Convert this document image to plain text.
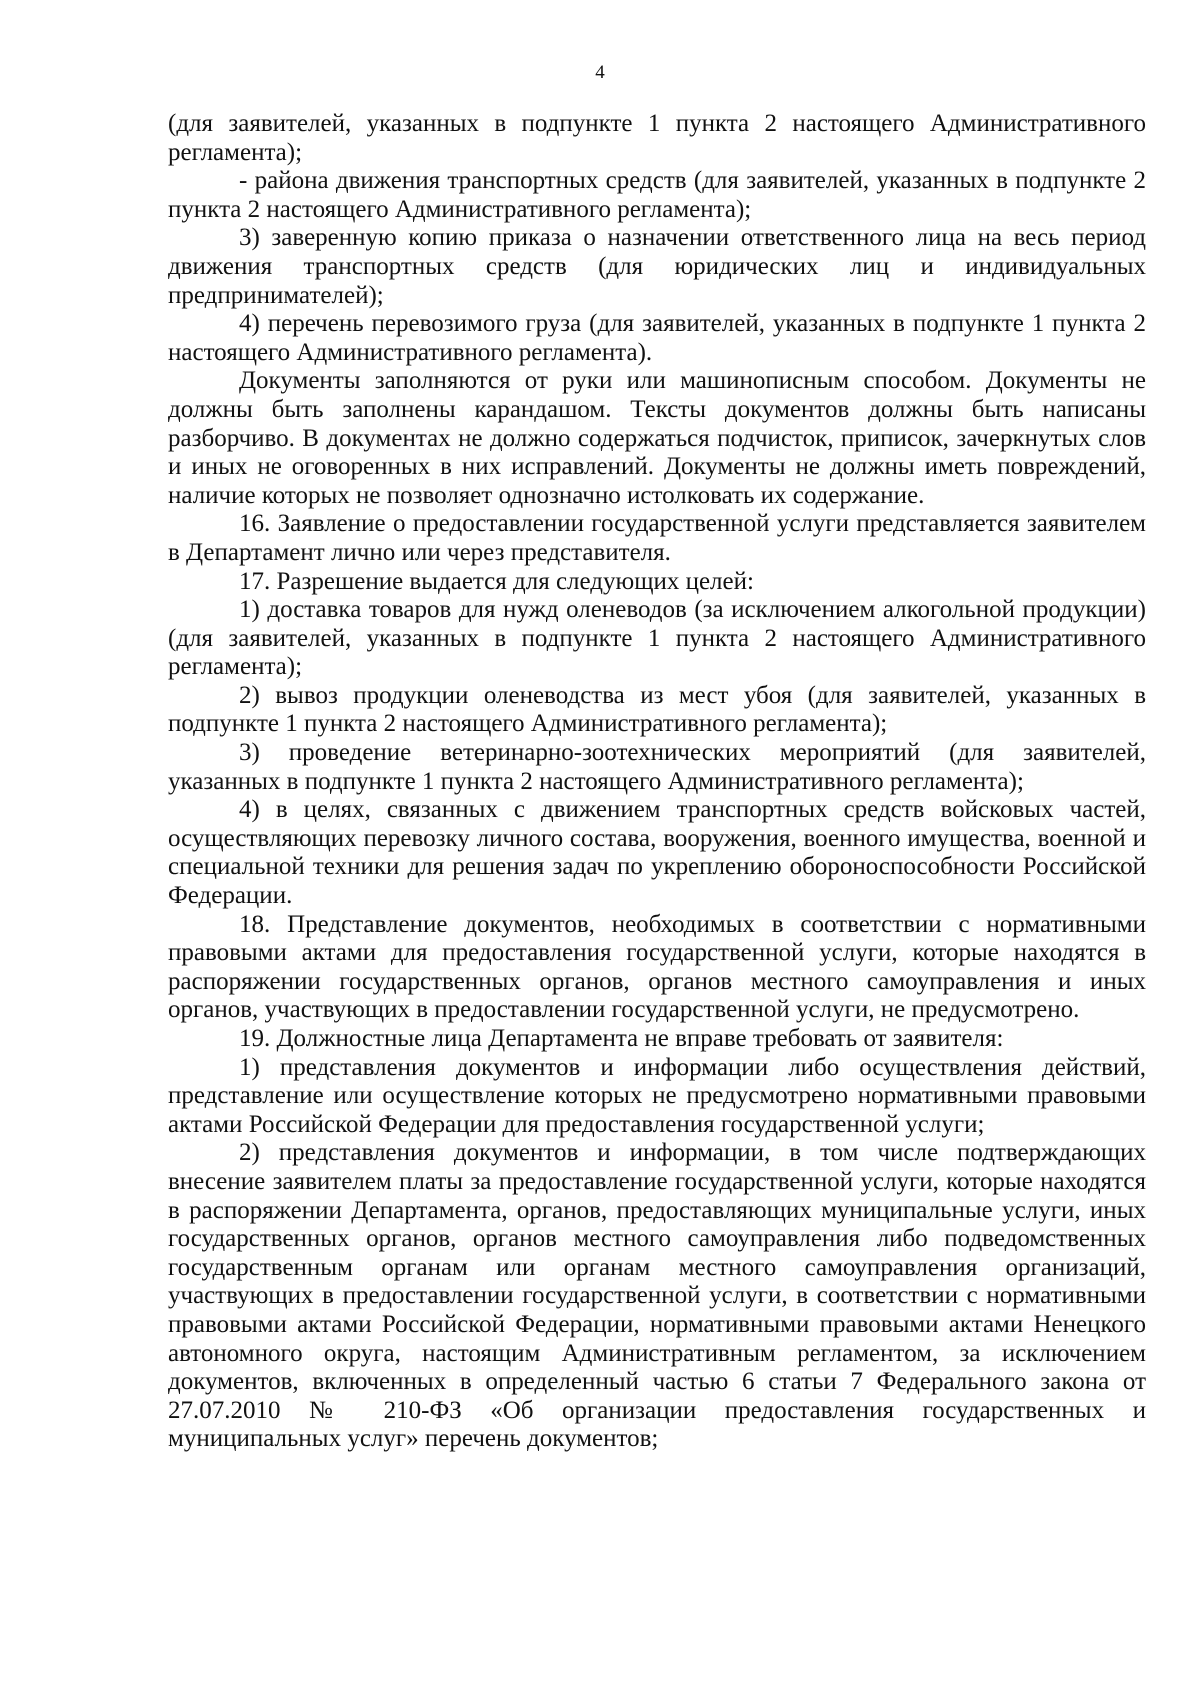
4

(для заявителей, указанных в подпункте 1 пункта 2 настоящего Административного регламента);

- района движения транспортных средств (для заявителей, указанных в подпункте 2 пункта 2 настоящего Административного регламента);

3) заверенную копию приказа о назначении ответственного лица на весь период движения транспортных средств (для юридических лиц и индивидуальных предпринимателей);

4) перечень перевозимого груза (для заявителей, указанных в подпункте 1 пункта 2 настоящего Административного регламента).

Документы заполняются от руки или машинописным способом. Документы не должны быть заполнены карандашом. Тексты документов должны быть написаны разборчиво. В документах не должно содержаться подчисток, приписок, зачеркнутых слов и иных не оговоренных в них исправлений. Документы не должны иметь повреждений, наличие которых не позволяет однозначно истолковать их содержание.

16. Заявление о предоставлении государственной услуги представляется заявителем в Департамент лично или через представителя.

17. Разрешение выдается для следующих целей:

1) доставка товаров для нужд оленеводов (за исключением алкогольной продукции) (для заявителей, указанных в подпункте 1 пункта 2 настоящего Административного регламента);

2) вывоз продукции оленеводства из мест убоя (для заявителей, указанных в подпункте 1 пункта 2 настоящего Административного регламента);

3) проведение ветеринарно-зоотехнических мероприятий (для заявителей, указанных в подпункте 1 пункта 2 настоящего Административного регламента);

4) в целях, связанных с движением транспортных средств войсковых частей, осуществляющих перевозку личного состава, вооружения, военного имущества, военной и специальной техники для решения задач по укреплению обороноспособности Российской Федерации.

18. Представление документов, необходимых в соответствии с нормативными правовыми актами для предоставления государственной услуги, которые находятся в распоряжении государственных органов, органов местного самоуправления и иных органов, участвующих в предоставлении государственной услуги, не предусмотрено.

19. Должностные лица Департамента не вправе требовать от заявителя:

1) представления документов и информации либо осуществления действий, представление или осуществление которых не предусмотрено нормативными правовыми актами Российской Федерации для предоставления государственной услуги;

2) представления документов и информации, в том числе подтверждающих внесение заявителем платы за предоставление государственной услуги, которые находятся в распоряжении Департамента, органов, предоставляющих муниципальные услуги, иных государственных органов, органов местного самоуправления либо подведомственных государственным органам или органам местного самоуправления организаций, участвующих в предоставлении государственной услуги, в соответствии с нормативными правовыми актами Российской Федерации, нормативными правовыми актами Ненецкого автономного округа, настоящим Административным регламентом, за исключением документов, включенных в определенный частью 6 статьи 7 Федерального закона от 27.07.2010 № 210-ФЗ «Об организации предоставления государственных и муниципальных услуг» перечень документов;
